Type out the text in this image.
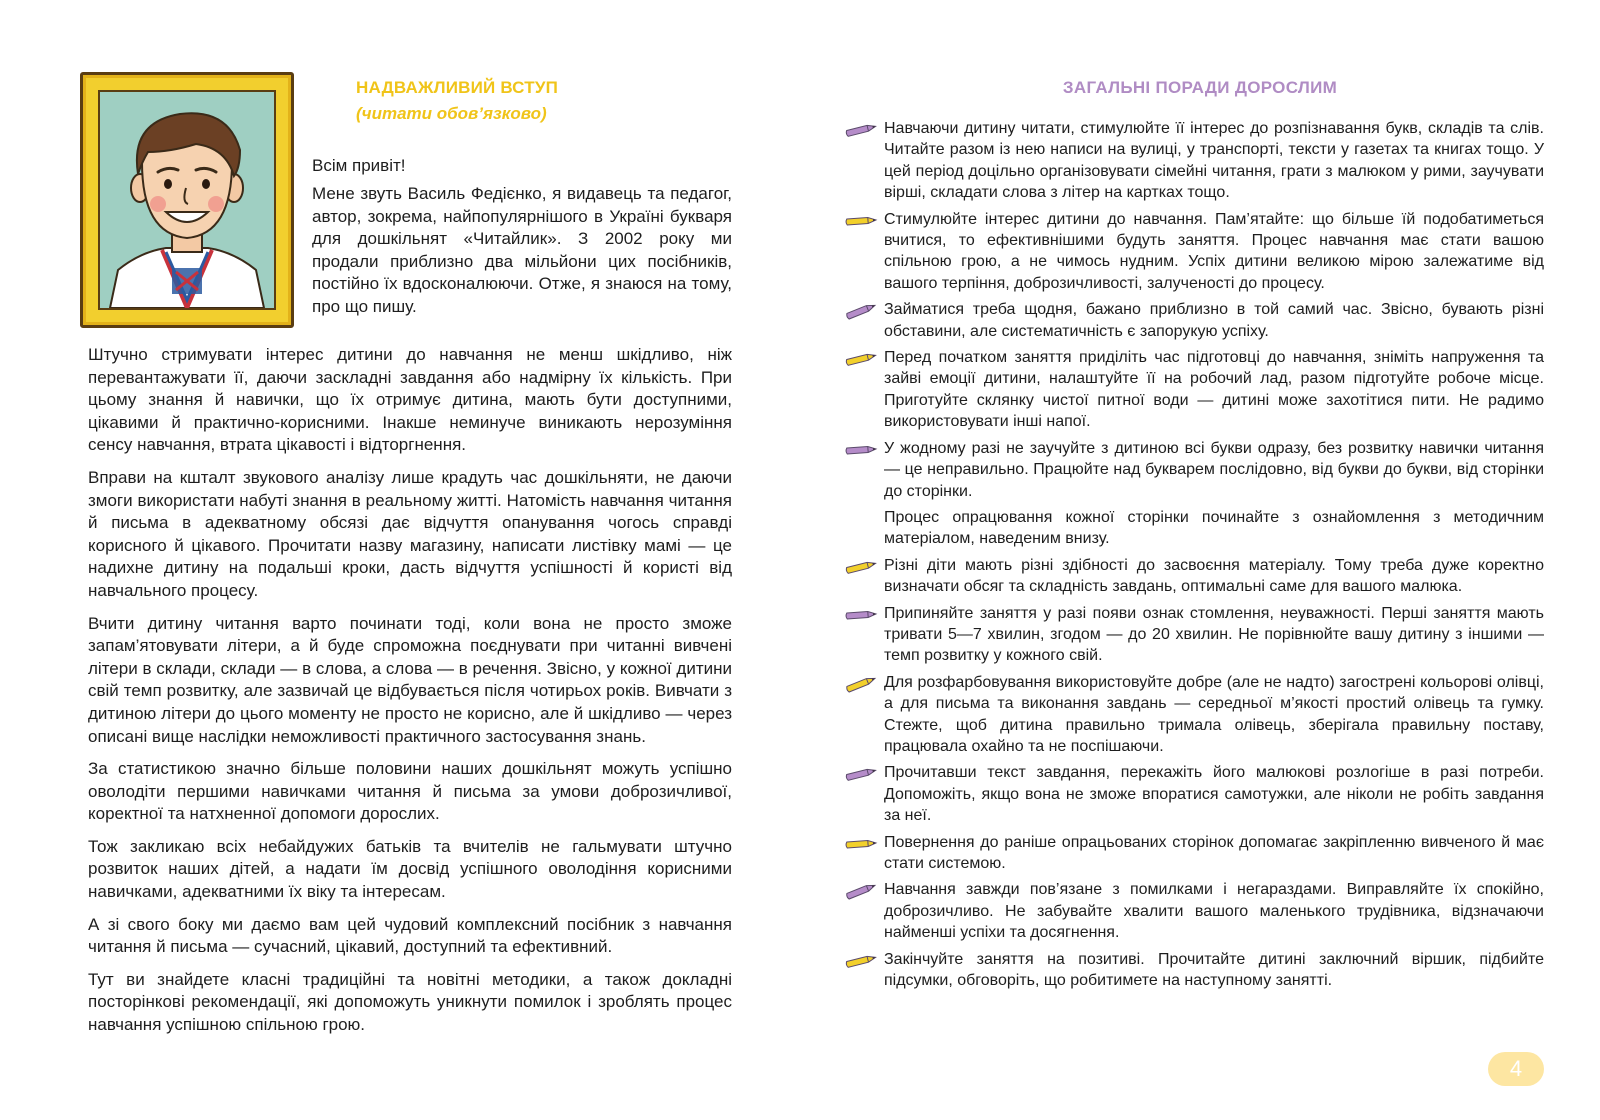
НАДВАЖЛИВИЙ ВСТУП
(читати обов’язково)
Всім привіт!

Мене звуть Василь Федієнко, я видавець та педагог, автор, зокрема, найпопулярнішого в Україні букваря для дошкільнят «Читайлик». З 2002 року ми продали приблизно два мільйони цих посібників, постійно їх вдосконалюючи. Отже, я знаюся на тому, про що пишу.

Штучно стримувати інтерес дитини до навчання не менш шкідливо, ніж перевантажувати її, даючи заскладні завдання або надмірну їх кількість. При цьому знання й навички, що їх отримує дитина, мають бути доступними, цікавими й практично-корисними. Інакше неминуче виникають нерозуміння сенсу навчання, втрата цікавості і відторгнення.

Вправи на кшталт звукового аналізу лише крадуть час дошкільняти, не даючи змоги використати набуті знання в реальному житті. Натомість навчання читання й письма в адекватному обсязі дає відчуття опанування чогось справді корисного й цікавого. Прочитати назву магазину, написати листівку мамі — це надихне дитину на подальші кроки, дасть відчуття успішності й користі від навчального процесу.

Вчити дитину читання варто починати тоді, коли вона не просто зможе запам’ятовувати літери, а й буде спроможна поєднувати при читанні вивчені літери в склади, склади — в слова, а слова — в речення. Звісно, у кожної дитини свій темп розвитку, але зазвичай це відбувається після чотирьох років. Вивчати з дитиною літери до цього моменту не просто не корисно, але й шкідливо — через описані вище наслідки неможливості практичного застосування знань.

За статистикою значно більше половини наших дошкільнят можуть успішно оволодіти першими навичками читання й письма за умови доброзичливої, коректної та натхненної допомоги дорослих.

Тож закликаю всіх небайдужих батьків та вчителів не гальмувати штучно розвиток наших дітей, а надати їм досвід успішного оволодіння корисними навичками, адекватними їх віку та інтересам.

А зі свого боку ми даємо вам цей чудовий комплексний посібник з навчання читання й письма — сучасний, цікавий, доступний та ефективний.

Тут ви знайдете класні традиційні та новітні методики, а також докладні посторінкові рекомендації, які допоможуть уникнути помилок і зроблять процес навчання успішною спільною грою.

ЗАГАЛЬНІ ПОРАДИ ДОРОСЛИМ

Навчаючи дитину читати, стимулюйте її інтерес до розпізнавання букв, складів та слів. Читайте разом із нею написи на вулиці, у транспорті, тексти у газетах та книгах тощо. У цей період доцільно організовувати сімейні читання, грати з малюком у рими, заучувати вірші, складати слова з літер на картках тощо.

Стимулюйте інтерес дитини до навчання. Пам’ятайте: що більше їй подобатиметься вчитися, то ефективнішими будуть заняття. Процес навчання має стати вашою спільною грою, а не чимось нудним. Успіх дитини великою мірою залежатиме від вашого терпіння, доброзичливості, залученості до процесу.

Займатися треба щодня, бажано приблизно в той самий час. Звісно, бувають різні обставини, але систематичність є запорукую успіху.

Перед початком заняття приділіть час підготовці до навчання, зніміть напруження та зайві емоції дитини, налаштуйте її на робочий лад, разом підготуйте робоче місце. Приготуйте склянку чистої питної води — дитині може захотітися пити. Не радимо використовувати інші напої.

У жодному разі не заучуйте з дитиною всі букви одразу, без розвитку навички читання — це неправильно. Працюйте над букварем послідовно, від букви до букви, від сторінки до сторінки.

Процес опрацювання кожної сторінки починайте з ознайомлення з методичним матеріалом, наведеним внизу.

Різні діти мають різні здібності до засвоєння матеріалу. Тому треба дуже коректно визначати обсяг та складність завдань, оптимальні саме для вашого малюка.

Припиняйте заняття у разі появи ознак стомлення, неуважності. Перші заняття мають тривати 5—7 хвилин, згодом — до 20 хвилин. Не порівнюйте вашу дитину з іншими — темп розвитку у кожного свій.

Для розфарбовування використовуйте добре (але не надто) загострені кольорові олівці, а для письма та виконання завдань — середньої м’якості простий олівець та гумку. Стежте, щоб дитина правильно тримала олівець, зберігала правильну поставу, працювала охайно та не поспішаючи.

Прочитавши текст завдання, перекажіть його малюкові розлогіше в разі потреби. Допоможіть, якщо вона не зможе впоратися самотужки, але ніколи не робіть завдання за неї.

Повернення до раніше опрацьованих сторінок допомагає закріпленню вивченого й має стати системою.

Навчання завжди пов’язане з помилками і негараздами. Виправляйте їх спокійно, доброзичливо. Не забувайте хвалити вашого маленького трудівника, відзначаючи найменші успіхи та досягнення.

Закінчуйте заняття на позитиві. Прочитайте дитині заключний віршик, підбийте підсумки, обговоріть, що робитимете на наступному занятті.

4
